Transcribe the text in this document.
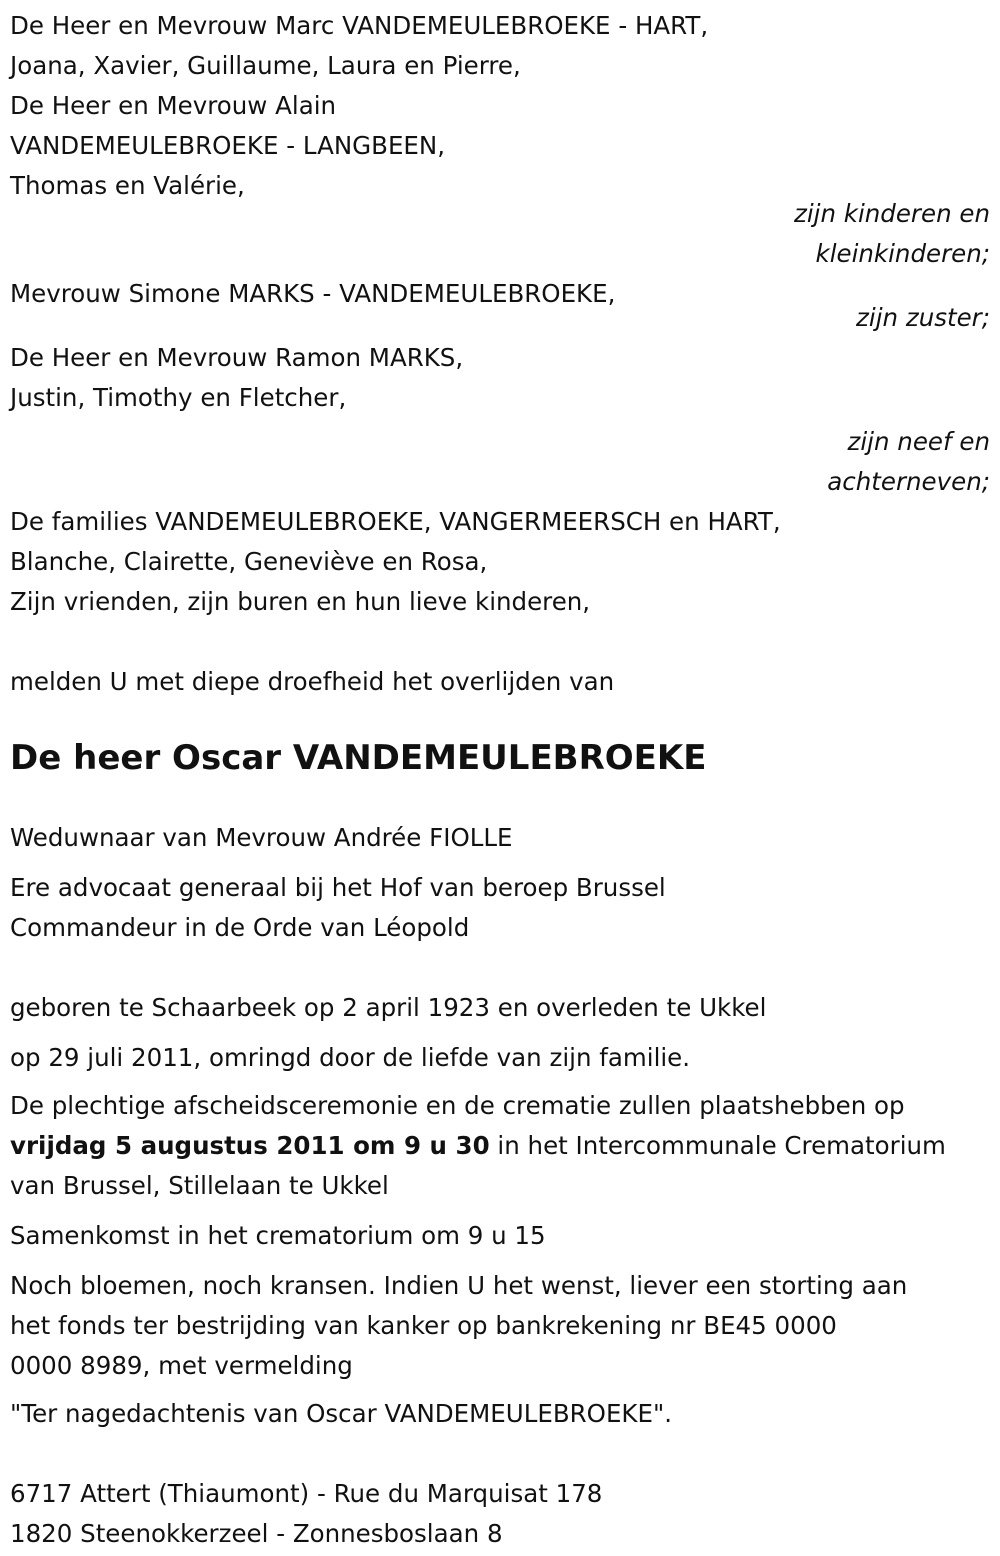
De Heer en Mevrouw Marc VANDEMEULEBROEKE - HART,

Joana, Xavier, Guillaume, Laura en Pierre,

De Heer en Mevrouw Alain

VANDEMEULEBROEKE - LANGBEEN,

Thomas en Valérie,

zijn kinderen en

kleinkinderen;

Mevrouw Simone MARKS - VANDEMEULEBROEKE,

zijn zuster;

De Heer en Mevrouw Ramon MARKS,

Justin, Timothy en Fletcher,

zijn neef en

achterneven;

De families VANDEMEULEBROEKE, VANGERMEERSCH en HART,

Blanche, Clairette, Geneviève en Rosa,

Zijn vrienden, zijn buren en hun lieve kinderen,

melden U met diepe droefheid het overlijden van

De heer Oscar VANDEMEULEBROEKE

Weduwnaar van Mevrouw Andrée FIOLLE

Ere advocaat generaal bij het Hof van beroep Brussel

Commandeur in de Orde van Léopold

geboren te Schaarbeek op 2 april 1923 en overleden te Ukkel

op 29 juli 2011, omringd door de liefde van zijn familie.

De plechtige afscheidsceremonie en de crematie zullen plaatshebben op

vrijdag 5 augustus 2011 om 9 u 30 in het Intercommunale Crematorium

van Brussel, Stillelaan te Ukkel

Samenkomst in het crematorium om 9 u 15

Noch bloemen, noch kransen. Indien U het wenst, liever een storting aan

het fonds ter bestrijding van kanker op bankrekening nr BE45 0000

0000 8989, met vermelding

"Ter nagedachtenis van Oscar VANDEMEULEBROEKE".

6717 Attert (Thiaumont) - Rue du Marquisat 178

1820 Steenokkerzeel - Zonnesboslaan 8
